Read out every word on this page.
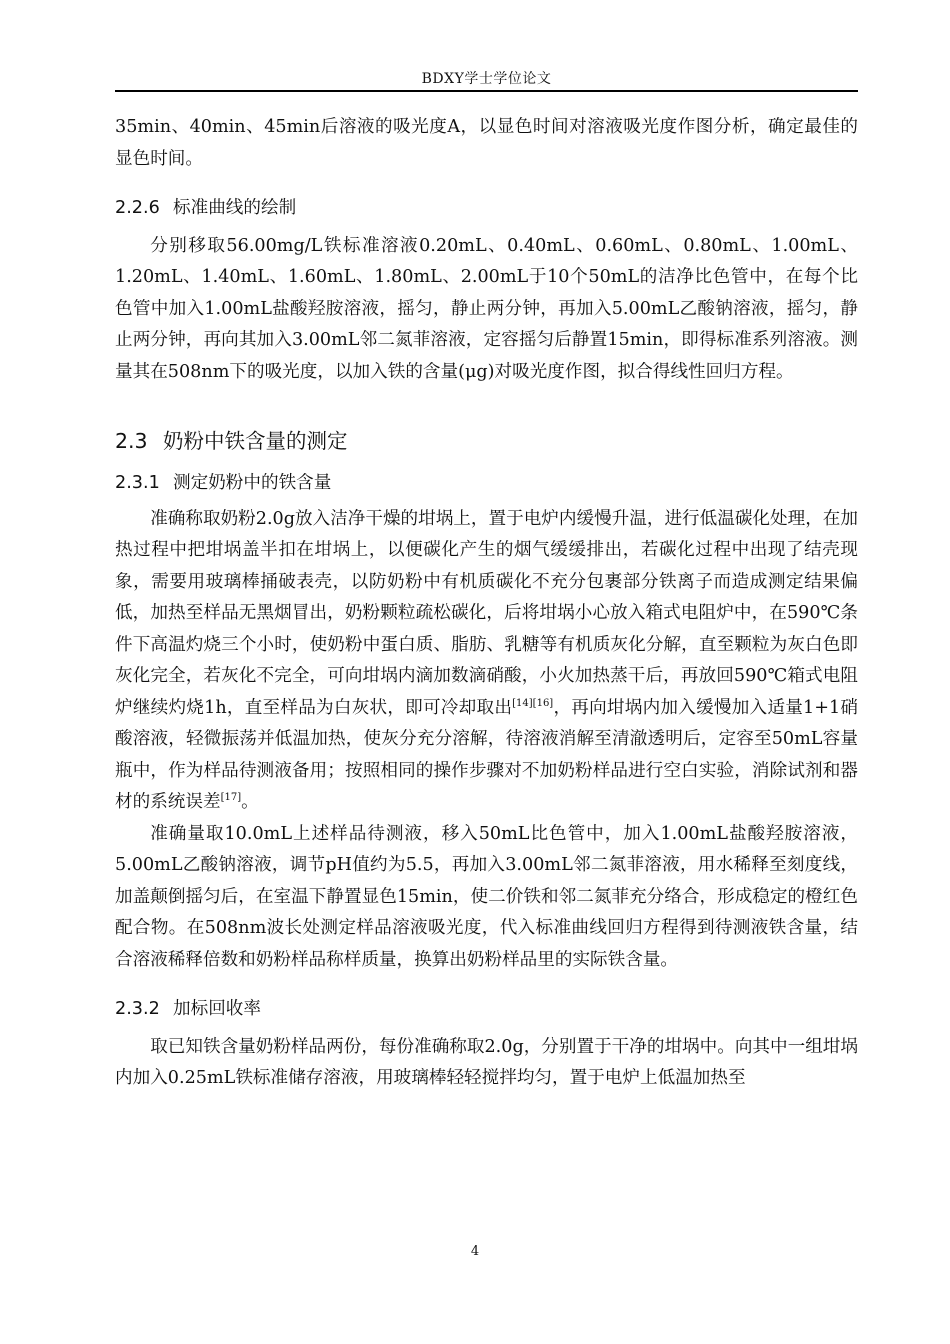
BDXY学士学位论文

35min、40min、45min后溶液的吸光度A，以显色时间对溶液吸光度作图分析，确定最佳的显色时间。

2.2.6 标准曲线的绘制

分别移取56.00mg/L铁标准溶液0.20mL、0.40mL、0.60mL、0.80mL、1.00mL、1.20mL、1.40mL、1.60mL、1.80mL、2.00mL于10个50mL的洁净比色管中，在每个比色管中加入1.00mL盐酸羟胺溶液，摇匀，静止两分钟，再加入5.00mL乙酸钠溶液，摇匀，静止两分钟，再向其加入3.00mL邻二氮菲溶液，定容摇匀后静置15min，即得标准系列溶液。测量其在508nm下的吸光度，以加入铁的含量(μg)对吸光度作图，拟合得线性回归方程。

2.3 奶粉中铁含量的测定
2.3.1 测定奶粉中的铁含量

准确称取奶粉2.0g放入洁净干燥的坩埚上，置于电炉内缓慢升温，进行低温碳化处理，在加热过程中把坩埚盖半扣在坩埚上，以便碳化产生的烟气缓缓排出，若碳化过程中出现了结壳现象，需要用玻璃棒捅破表壳，以防奶粉中有机质碳化不充分包裹部分铁离子而造成测定结果偏低，加热至样品无黑烟冒出，奶粉颗粒疏松碳化，后将坩埚小心放入箱式电阻炉中，在590℃条件下高温灼烧三个小时，使奶粉中蛋白质、脂肪、乳糖等有机质灰化分解，直至颗粒为灰白色即灰化完全，若灰化不完全，可向坩埚内滴加数滴硝酸，小火加热蒸干后，再放回590℃箱式电阻炉继续灼烧1h，直至样品为白灰状，即可冷却取出[14][16]，再向坩埚内加入缓慢加入适量1+1硝酸溶液，轻微振荡并低温加热，使灰分充分溶解，待溶液消解至清澈透明后，定容至50mL容量瓶中，作为样品待测液备用；按照相同的操作步骤对不加奶粉样品进行空白实验，消除试剂和器材的系统误差[17]。

准确量取10.0mL上述样品待测液，移入50mL比色管中，加入1.00mL盐酸羟胺溶液，5.00mL乙酸钠溶液，调节pH值约为5.5，再加入3.00mL邻二氮菲溶液，用水稀释至刻度线，加盖颠倒摇匀后，在室温下静置显色15min，使二价铁和邻二氮菲充分络合，形成稳定的橙红色配合物。在508nm波长处测定样品溶液吸光度，代入标准曲线回归方程得到待测液铁含量，结合溶液稀释倍数和奶粉样品称样质量，换算出奶粉样品里的实际铁含量。

2.3.2 加标回收率

取已知铁含量奶粉样品两份，每份准确称取2.0g，分别置于干净的坩埚中。向其中一组坩埚内加入0.25mL铁标准储存溶液，用玻璃棒轻轻搅拌均匀，置于电炉上低温加热至

4
